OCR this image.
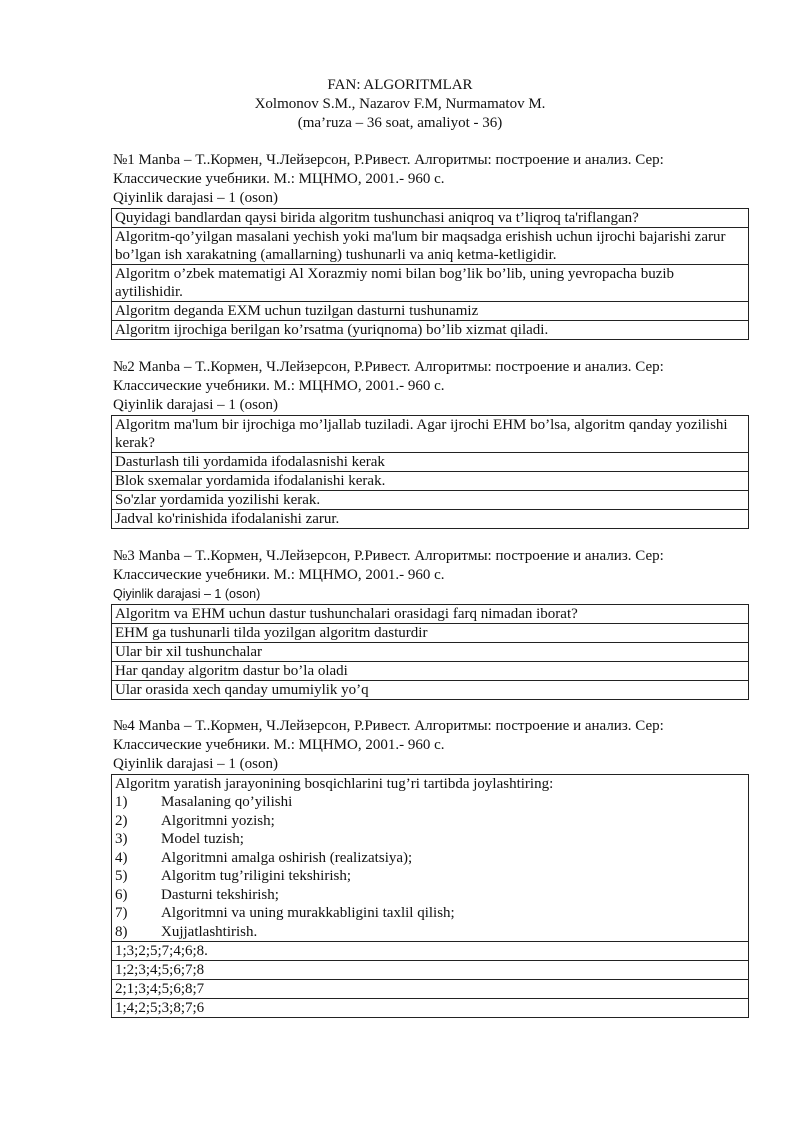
FAN: ALGORITMLAR
Xolmonov S.M., Nazarov F.M, Nurmamatov M.
(ma’ruza – 36 soat, amaliyot - 36)

№1 Manba – Т..Кормен, Ч.Лейзерсон, Р.Ривест. Алгоритмы: построение и анализ. Сер: Классические учебники. М.: МЦНМО, 2001.- 960 с.

Qiyinlik darajasi – 1 (oson)

Quyidagi bandlardan qaysi birida algoritm tushunchasi aniqroq va t’liqroq ta'riflangan?
Algoritm-qo’yilgan masalani yechish yoki ma'lum bir maqsadga erishish uchun ijrochi bajarishi zarur bo’lgan ish xarakatning (amallarning) tushunarli va aniq ketma-ketligidir.
Algoritm o’zbek matematigi Al Xorazmiy nomi bilan bog’lik bo’lib, uning yevropacha buzib aytilishidir.
Algoritm deganda EXM uchun tuzilgan dasturni tushunamiz
Algoritm ijrochiga berilgan ko’rsatma (yuriqnoma) bo’lib xizmat qiladi.

№2 Manba – Т..Кормен, Ч.Лейзерсон, Р.Ривест. Алгоритмы: построение и анализ. Сер: Классические учебники. М.: МЦНМО, 2001.- 960 с.

Qiyinlik darajasi – 1 (oson)

Algoritm ma'lum bir ijrochiga mo’ljallab tuziladi. Agar ijrochi EHM bo’lsa, algoritm qanday yozilishi kerak?
Dasturlash tili yordamida ifodalasnishi kerak
Blok sxemalar yordamida ifodalanishi kerak.
So'zlar yordamida yozilishi kerak.
Jadval ko'rinishida ifodalanishi zarur.

№3 Manba – Т..Кормен, Ч.Лейзерсон, Р.Ривест. Алгоритмы: построение и анализ. Сер: Классические учебники. М.: МЦНМО, 2001.- 960 с.

Qiyinlik darajasi – 1 (oson)

Algoritm va EHM uchun dastur tushunchalari orasidagi farq nimadan iborat?
EHM ga tushunarli tilda yozilgan algoritm dasturdir
Ular bir xil tushunchalar
Har qanday algoritm dastur bo’la oladi
Ular orasida xech qanday umumiylik yo’q

№4 Manba – Т..Кормен, Ч.Лейзерсон, Р.Ривест. Алгоритмы: построение и анализ. Сер: Классические учебники. М.: МЦНМО, 2001.- 960 с.

Qiyinlik darajasi – 1 (oson)

Algoritm yaratish jarayonining bosqichlarini tug’ri tartibda joylashtiring:
1)	Masalaning qo’yilishi
2)	Algoritmni yozish;
3)	Model tuzish;
4)	Algoritmni amalga oshirish (realizatsiya);
5)	Algoritm tug’riligini tekshirish;
6)	Dasturni tekshirish;
7)	Algoritmni va uning murakkabligini taxlil qilish;
8)	Xujjatlashtirish.

1;3;2;5;7;4;6;8.
1;2;3;4;5;6;7;8
2;1;3;4;5;6;8;7
1;4;2;5;3;8;7;6
